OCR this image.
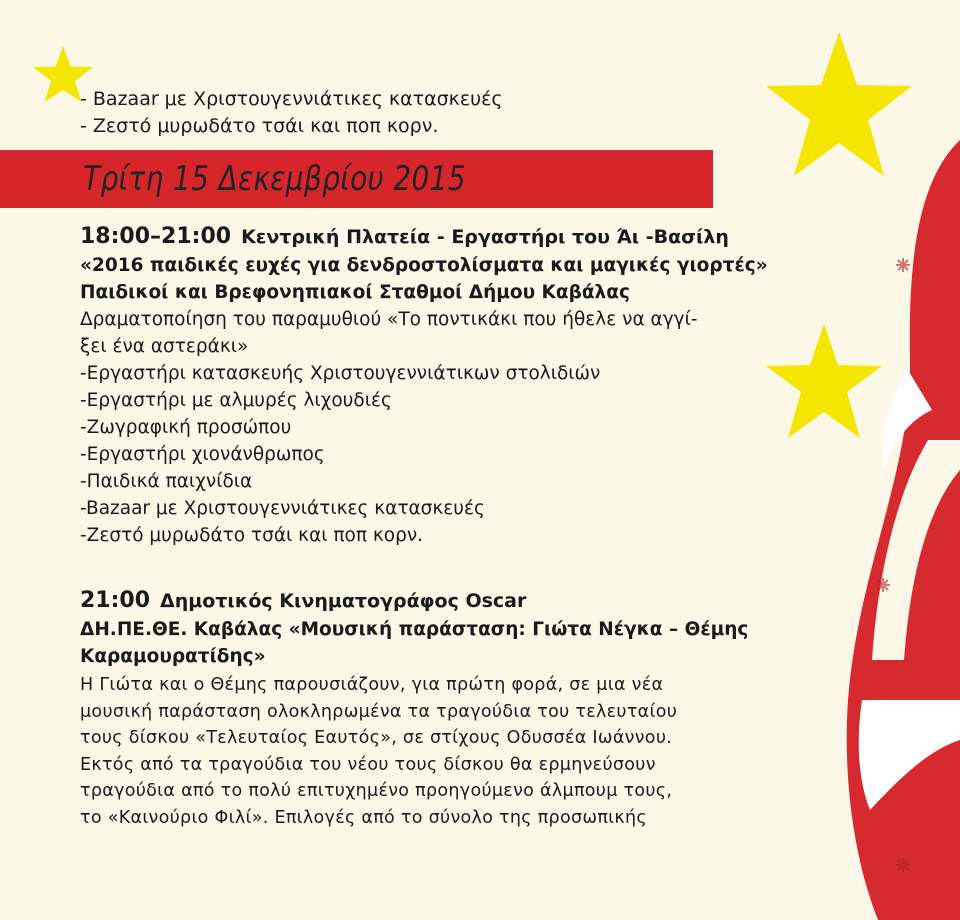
- Bazaar με Χριστουγεννιάτικες κατασκευές
- Ζεστό μυρωδάτο τσάι και ποπ κορν.
Τρίτη 15 Δεκεμβρίου 2015
18:00–21:00 Κεντρική Πλατεία - Εργαστήρι του Άι -Βασίλη
«2016 παιδικές ευχές για δενδροστολίσματα και μαγικές γιορτές»
Παιδικοί και Βρεφονηπιακοί Σταθμοί Δήμου Καβάλας
Δραματοποίηση του παραμυθιού «Το ποντικάκι που ήθελε να αγγί-
ξει ένα αστεράκι»
-Εργαστήρι κατασκευής Χριστουγεννιάτικων στολιδιών
-Εργαστήρι με αλμυρές λιχουδιές
-Ζωγραφική προσώπου
-Εργαστήρι χιονάνθρωπος
-Παιδικά παιχνίδια
-Bazaar με Χριστουγεννιάτικες κατασκευές
-Ζεστό μυρωδάτο τσάι και ποπ κορν.
21:00 Δημοτικός Κινηματογράφος Oscar
ΔΗ.ΠΕ.ΘΕ. Καβάλας «Μουσική παράσταση: Γιώτα Νέγκα – Θέμης
Καραμουρατίδης»
Η Γιώτα και ο Θέμης παρουσιάζουν, για πρώτη φορά, σε μια νέα
μουσική παράσταση ολοκληρωμένα τα τραγούδια του τελευταίου
τους δίσκου «Τελευταίος Εαυτός», σε στίχους Οδυσσέα Ιωάννου.
Εκτός από τα τραγούδια του νέου τους δίσκου θα ερμηνεύσουν
τραγούδια από το πολύ επιτυχημένο προηγούμενο άλμπουμ τους,
το «Καινούριο Φιλί». Επιλογές από το σύνολο της προσωπικής
